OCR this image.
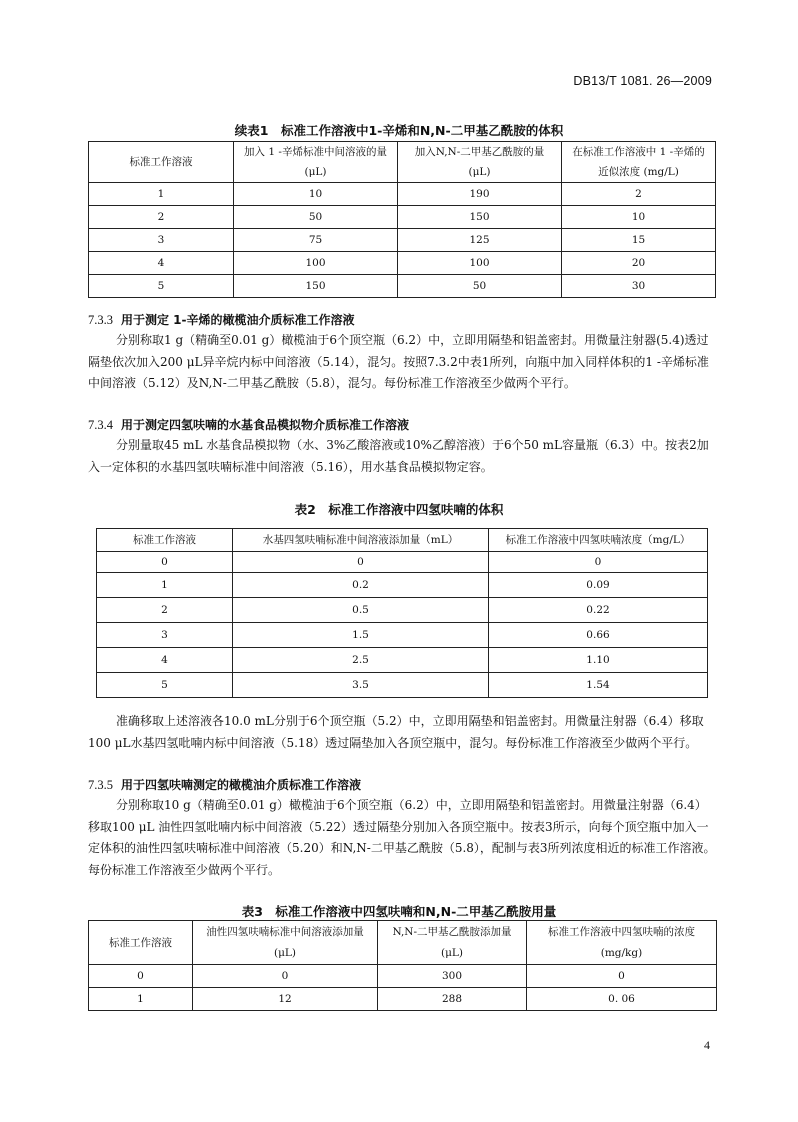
DB13/T 1081. 26—2009
续表1　标准工作溶液中1-辛烯和N,N-二甲基乙酰胺的体积
标准工作溶液	加入 1 -辛烯标准中间溶液的量 (μL)	加入N,N-二甲基乙酰胺的量 (μL)	在标准工作溶液中 1 -辛烯的近似浓度 (mg/L)
1	10	190	2
2	50	150	10
3	75	125	15
4	100	100	20
5	150	50	30
7.3.3 用于测定 1-辛烯的橄榄油介质标准工作溶液
分别称取1 g（精确至0.01 g）橄榄油于6个顶空瓶（6.2）中，立即用隔垫和铝盖密封。用微量注射器(5.4)透过隔垫依次加入200 μL异辛烷内标中间溶液（5.14），混匀。按照7.3.2中表1所列，向瓶中加入同样体积的1 -辛烯标准中间溶液（5.12）及N,N-二甲基乙酰胺（5.8），混匀。每份标准工作溶液至少做两个平行。
7.3.4 用于测定四氢呋喃的水基食品模拟物介质标准工作溶液
分别量取45 mL 水基食品模拟物（水、3%乙酸溶液或10%乙醇溶液）于6个50 mL容量瓶（6.3）中。按表2加入一定体积的水基四氢呋喃标准中间溶液（5.16），用水基食品模拟物定容。
表2　标准工作溶液中四氢呋喃的体积
标准工作溶液	水基四氢呋喃标准中间溶液添加量（mL）	标准工作溶液中四氢呋喃浓度（mg/L）
0	0	0
1	0.2	0.09
2	0.5	0.22
3	1.5	0.66
4	2.5	1.10
5	3.5	1.54
准确移取上述溶液各10.0 mL分别于6个顶空瓶（5.2）中，立即用隔垫和铝盖密封。用微量注射器（6.4）移取100 μL水基四氢吡喃内标中间溶液（5.18）透过隔垫加入各顶空瓶中，混匀。每份标准工作溶液至少做两个平行。
7.3.5 用于四氢呋喃测定的橄榄油介质标准工作溶液
分别称取10 g（精确至0.01 g）橄榄油于6个顶空瓶（6.2）中，立即用隔垫和铝盖密封。用微量注射器（6.4）移取100 μL 油性四氢吡喃内标中间溶液（5.22）透过隔垫分别加入各顶空瓶中。按表3所示，向每个顶空瓶中加入一定体积的油性四氢呋喃标准中间溶液（5.20）和N,N-二甲基乙酰胺（5.8），配制与表3所列浓度相近的标准工作溶液。每份标准工作溶液至少做两个平行。
表3　标准工作溶液中四氢呋喃和N,N-二甲基乙酰胺用量
标准工作溶液	油性四氢呋喃标准中间溶液添加量 (μL)	N,N-二甲基乙酰胺添加量 (μL)	标准工作溶液中四氢呋喃的浓度 (mg/kg)
0	0	300	0
1	12	288	0. 06
4
